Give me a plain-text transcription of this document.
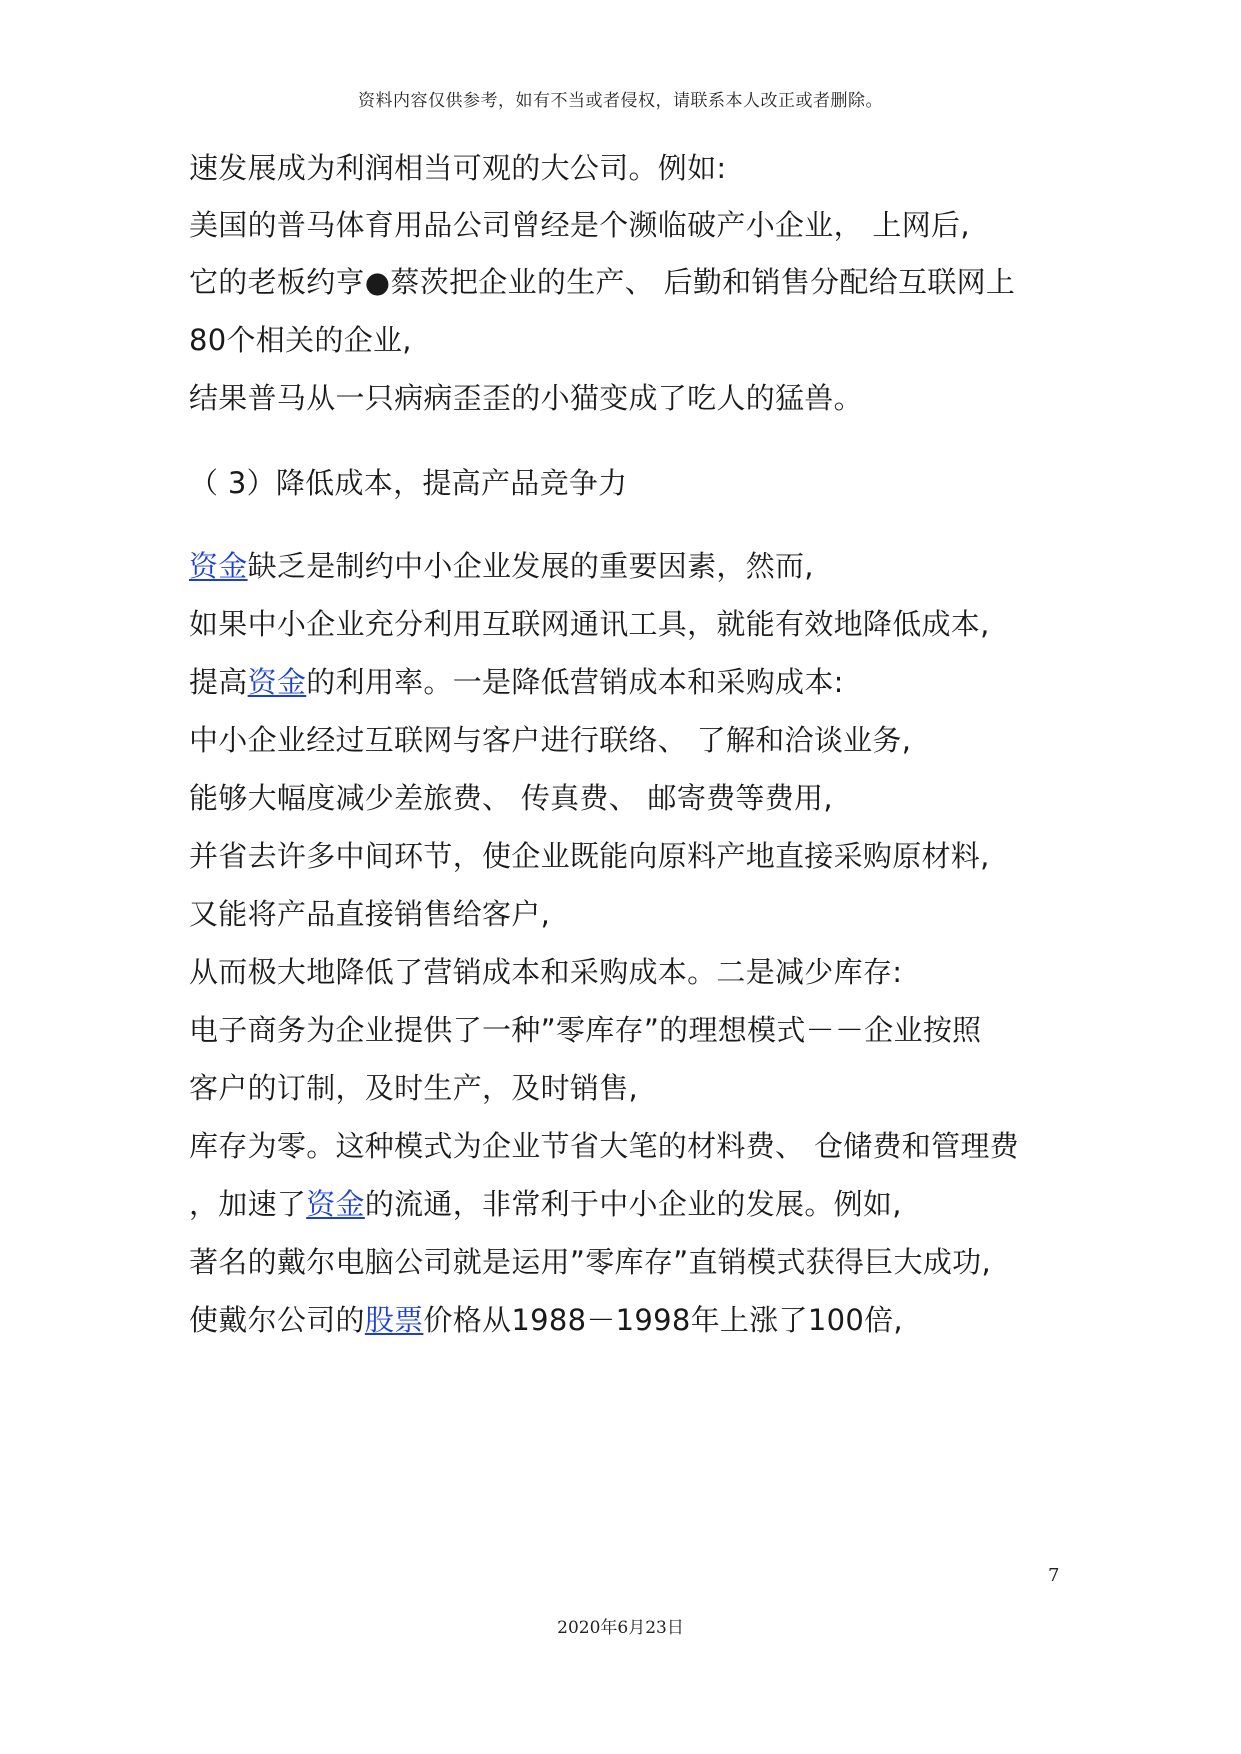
资料内容仅供参考，如有不当或者侵权，请联系本人改正或者删除。
速发展成为利润相当可观的大公司。例如:
美国的普马体育用品公司曾经是个濒临破产小企业， 上网后,
它的老板约亨●蔡茨把企业的生产、 后勤和销售分配给互联网上
80个相关的企业,
结果普马从一只病病歪歪的小猫变成了吃人的猛兽。
（ 3）降低成本，提高产品竞争力
资金缺乏是制约中小企业发展的重要因素，然而,
如果中小企业充分利用互联网通讯工具，就能有效地降低成本,
提高资金的利用率。一是降低营销成本和采购成本:
中小企业经过互联网与客户进行联络、 了解和洽谈业务,
能够大幅度减少差旅费、 传真费、 邮寄费等费用,
并省去许多中间环节，使企业既能向原料产地直接采购原材料,
又能将产品直接销售给客户,
从而极大地降低了营销成本和采购成本。二是减少库存:
电子商务为企业提供了一种”零库存”的理想模式－－企业按照
客户的订制，及时生产，及时销售,
库存为零。这种模式为企业节省大笔的材料费、 仓储费和管理费
，加速了资金的流通，非常利于中小企业的发展。例如,
著名的戴尔电脑公司就是运用”零库存”直销模式获得巨大成功,
使戴尔公司的股票价格从1988－1998年上涨了100倍,
7
2020年6月23日
